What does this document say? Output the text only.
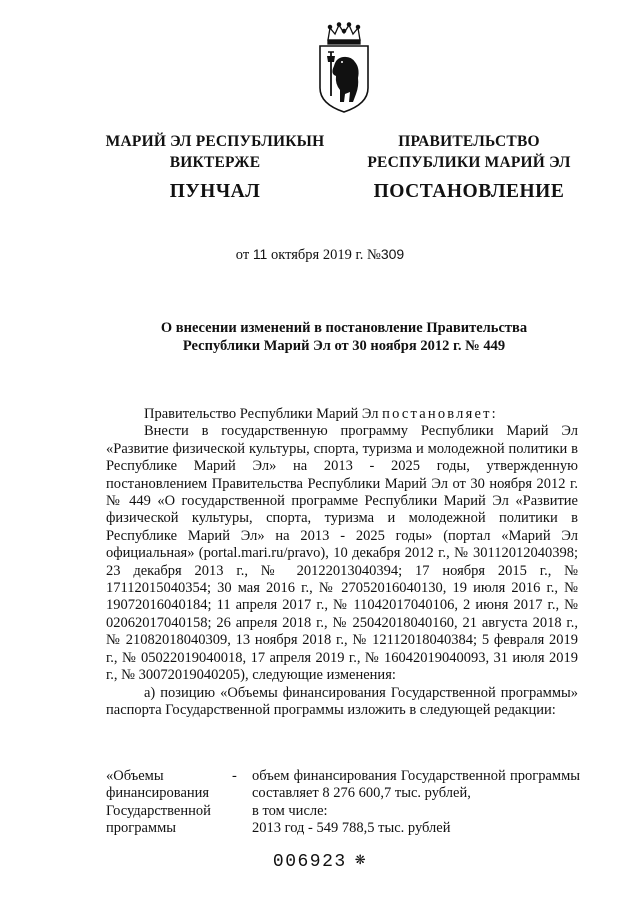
МАРИЙ ЭЛ РЕСПУБЛИКЫН
ВИКТЕРЖЕ
ПУНЧАЛ
ПРАВИТЕЛЬСТВО
РЕСПУБЛИКИ МАРИЙ ЭЛ
ПОСТАНОВЛЕНИЕ
от 11 октября 2019 г. №309
О внесении изменений в постановление Правительства
Республики Марий Эл от 30 ноября 2012 г. № 449

Правительство Республики Марий Эл постановляет:

Внести в государственную программу Республики Марий Эл «Развитие физической культуры, спорта, туризма и молодежной политики в Республике Марий Эл» на 2013 - 2025 годы, утвержденную постановлением Правительства Республики Марий Эл от 30 ноября 2012 г. № 449 «О государственной программе Республики Марий Эл «Развитие физической культуры, спорта, туризма и молодежной политики в Республике Марий Эл» на 2013 - 2025 годы» (портал «Марий Эл официальная» (portal.mari.ru/pravo), 10 декабря 2012 г., № 30112012040398; 23 декабря 2013 г., № 20122013040394; 17 ноября 2015 г., № 17112015040354; 30 мая 2016 г., № 27052016040130, 19 июля 2016 г., № 19072016040184; 11 апреля 2017 г., № 11042017040106, 2 июня 2017 г., № 02062017040158; 26 апреля 2018 г., № 25042018040160, 21 августа 2018 г., № 21082018040309, 13 ноября 2018 г., № 12112018040384; 5 февраля 2019 г., № 05022019040018, 17 апреля 2019 г., № 16042019040093, 31 июля 2019 г., № 30072019040205), следующие изменения:

а) позицию «Объемы финансирования Государственной программы» паспорта Государственной программы изложить в следующей редакции:

«Объемы финансирования Государственной программы
-	объем финансирования Государственной программы составляет 8 276 600,7 тыс. рублей,
в том числе:
2013 год - 549 788,5 тыс. рублей
006923 ❋
